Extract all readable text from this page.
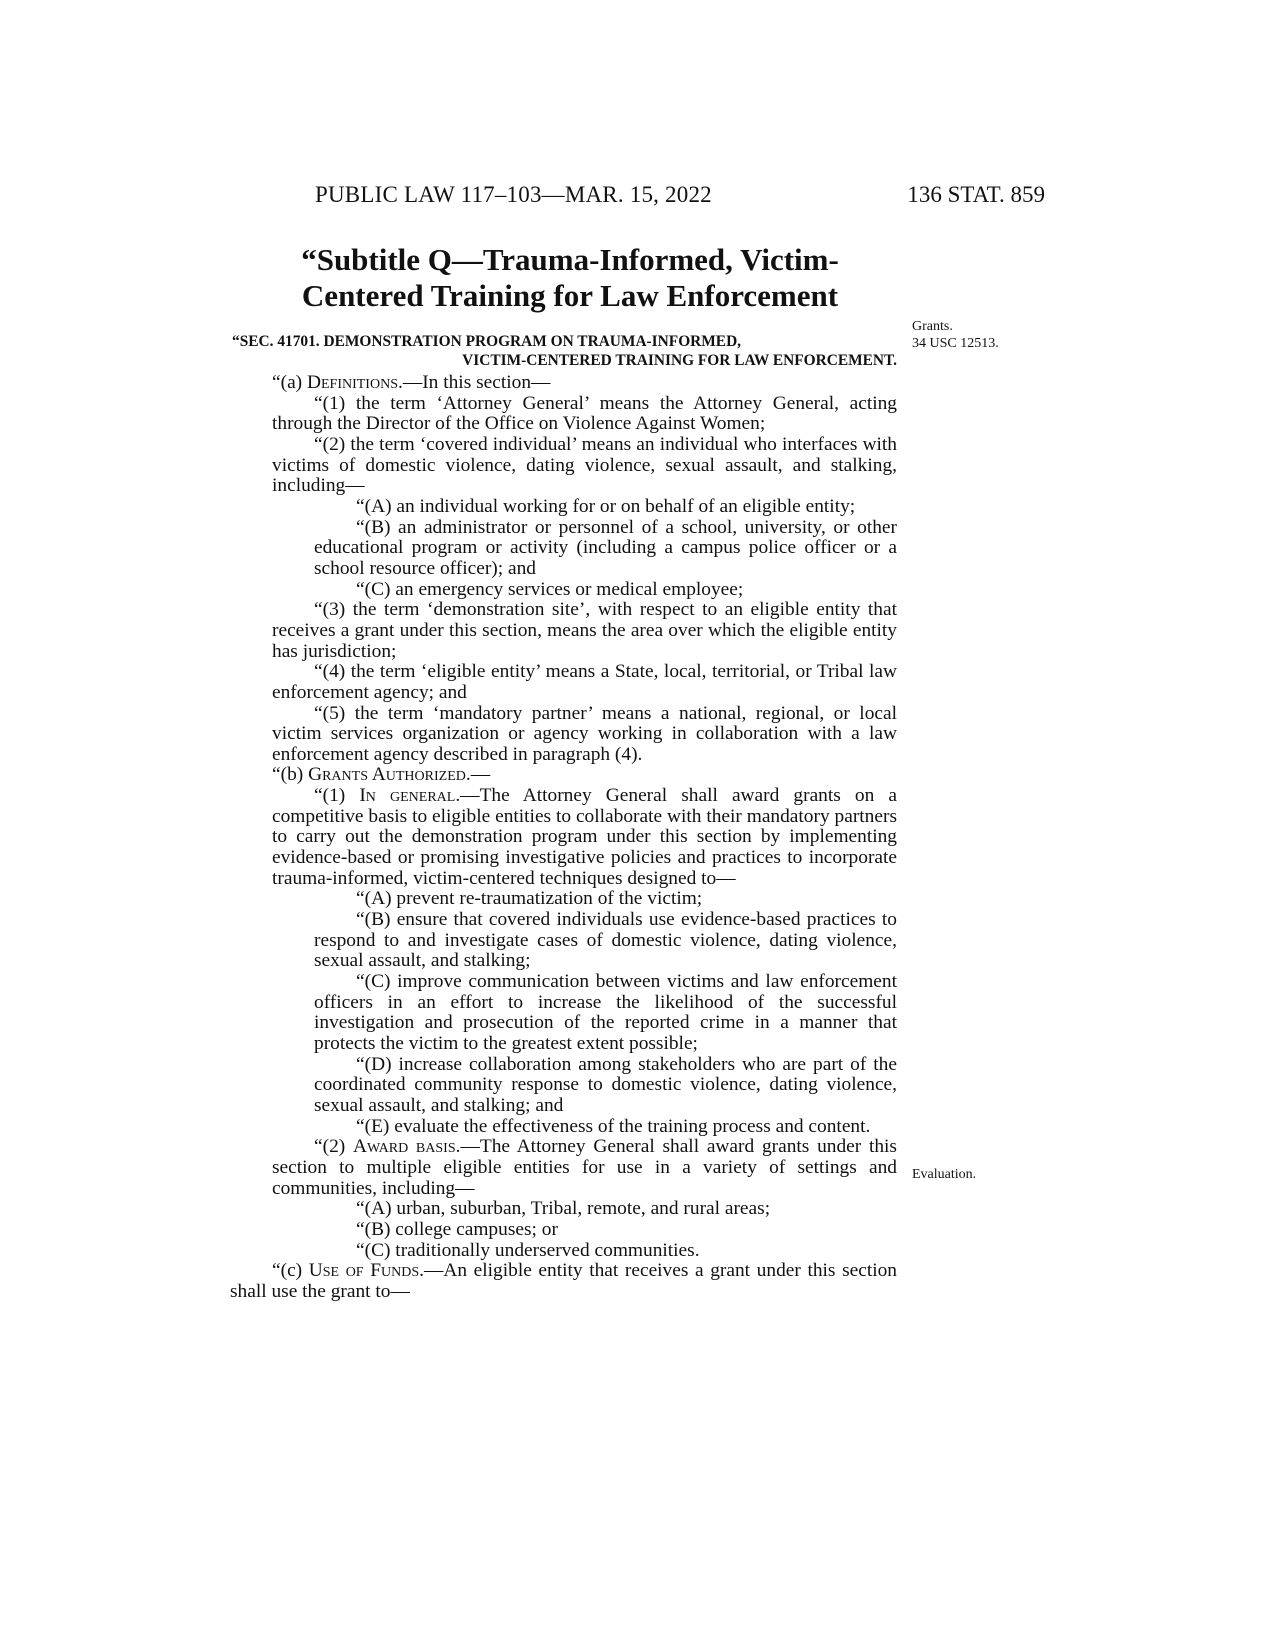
PUBLIC LAW 117–103—MAR. 15, 2022	136 STAT. 859
“Subtitle Q—Trauma-Informed, Victim-
Centered Training for Law Enforcement
“SEC. 41701. DEMONSTRATION PROGRAM ON TRAUMA-INFORMED,
VICTIM-CENTERED TRAINING FOR LAW ENFORCEMENT.
Grants.
34 USC 12513.
Evaluation.

“(a) Definitions.—In this section—

“(1) the term ‘Attorney General’ means the Attorney General, acting through the Director of the Office on Violence Against Women;

“(2) the term ‘covered individual’ means an individual who interfaces with victims of domestic violence, dating violence, sexual assault, and stalking, including—

“(A) an individual working for or on behalf of an eligible entity;

“(B) an administrator or personnel of a school, university, or other educational program or activity (including a campus police officer or a school resource officer); and

“(C) an emergency services or medical employee;

“(3) the term ‘demonstration site’, with respect to an eligible entity that receives a grant under this section, means the area over which the eligible entity has jurisdiction;

“(4) the term ‘eligible entity’ means a State, local, territorial, or Tribal law enforcement agency; and

“(5) the term ‘mandatory partner’ means a national, regional, or local victim services organization or agency working in collaboration with a law enforcement agency described in paragraph (4).

“(b) Grants Authorized.—

“(1) In general.—The Attorney General shall award grants on a competitive basis to eligible entities to collaborate with their mandatory partners to carry out the demonstration program under this section by implementing evidence-based or promising investigative policies and practices to incorporate trauma-informed, victim-centered techniques designed to—

“(A) prevent re-traumatization of the victim;

“(B) ensure that covered individuals use evidence-based practices to respond to and investigate cases of domestic violence, dating violence, sexual assault, and stalking;

“(C) improve communication between victims and law enforcement officers in an effort to increase the likelihood of the successful investigation and prosecution of the reported crime in a manner that protects the victim to the greatest extent possible;

“(D) increase collaboration among stakeholders who are part of the coordinated community response to domestic violence, dating violence, sexual assault, and stalking; and

“(E) evaluate the effectiveness of the training process and content.

“(2) Award basis.—The Attorney General shall award grants under this section to multiple eligible entities for use in a variety of settings and communities, including—

“(A) urban, suburban, Tribal, remote, and rural areas;

“(B) college campuses; or

“(C) traditionally underserved communities.

“(c) Use of Funds.—An eligible entity that receives a grant under this section shall use the grant to—
